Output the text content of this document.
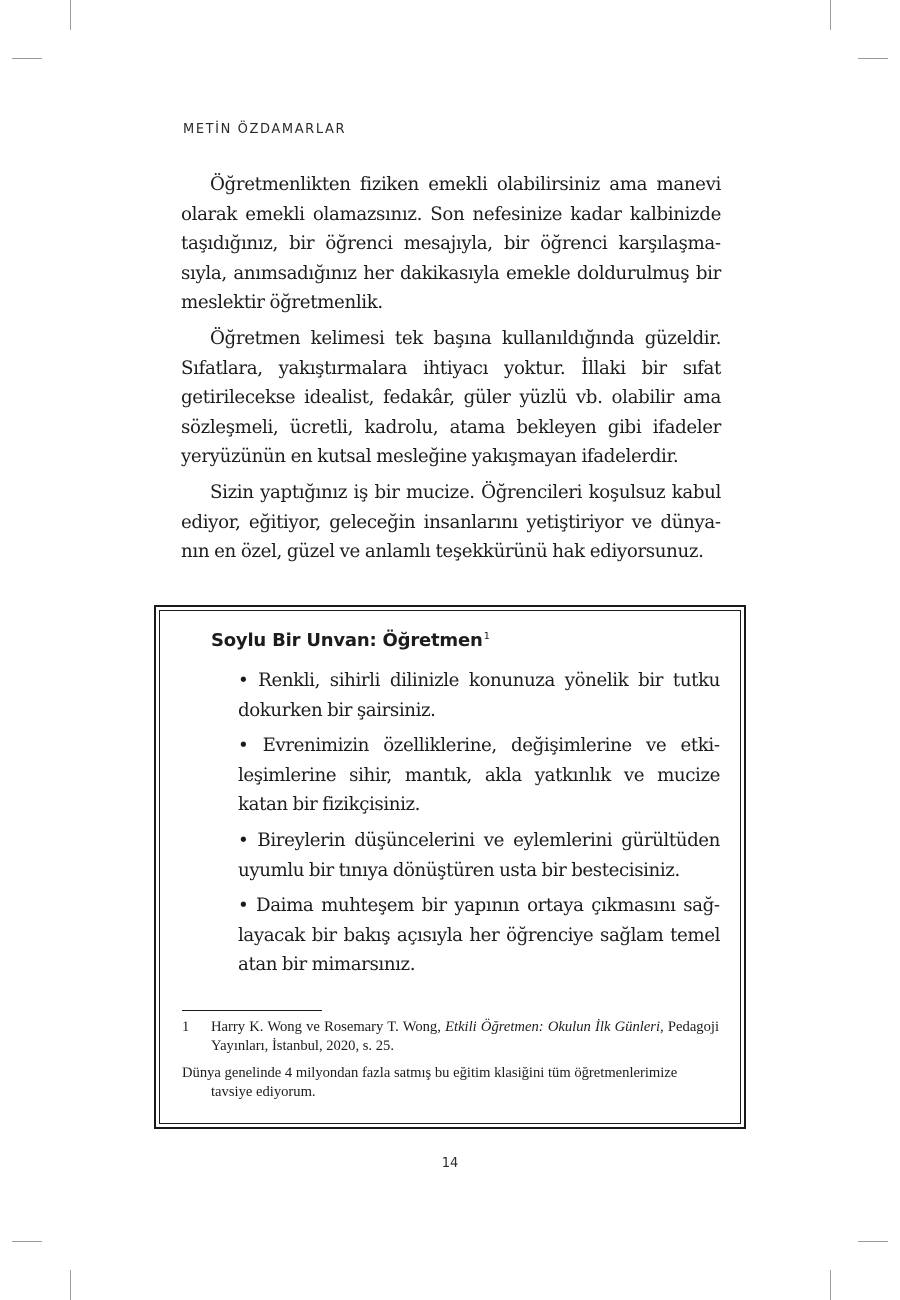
METİN ÖZDAMARLAR

Öğretmenlikten fiziken emekli olabilirsiniz ama manevi olarak emekli olamazsınız. Son nefesinize kadar kalbinizde taşıdığınız, bir öğrenci mesajıyla, bir öğrenci karşılaşmasıyla, anımsadığınız her dakikasıyla emekle doldurulmuş bir meslektir öğretmenlik.

Öğretmen kelimesi tek başına kullanıldığında güzeldir. Sıfatlara, yakıştırmalara ihtiyacı yoktur. İllaki bir sıfat getirilecekse idealist, fedakâr, güler yüzlü vb. olabilir ama sözleşmeli, ücretli, kadrolu, atama bekleyen gibi ifadeler yeryüzünün en kutsal mesleğine yakışmayan ifadelerdir.

Sizin yaptığınız iş bir mucize. Öğrencileri koşulsuz kabul ediyor, eğitiyor, geleceğin insanlarını yetiştiriyor ve dünyanın en özel, güzel ve anlamlı teşekkürünü hak ediyorsunuz.

Soylu Bir Unvan: Öğretmen$^1$

• Renkli, sihirli dilinizle konunuza yönelik bir tutku dokurken bir şairsiniz.

• Evrenimizin özelliklerine, değişimlerine ve etkileşimlerine sihir, mantık, akla yatkınlık ve mucize katan bir fizikçisiniz.

• Bireylerin düşüncelerini ve eylemlerini gürültüden uyumlu bir tınıya dönüştüren usta bir bestecisiniz.

• Daima muhteşem bir yapının ortaya çıkmasını sağlayacak bir bakış açısıyla her öğrenciye sağlam temel atan bir mimarsınız.

1	Harry K. Wong ve Rosemary T. Wong, Etkili Öğretmen: Okulun İlk Günleri, Pedagoji Yayınları, İstanbul, 2020, s. 25.
Dünya genelinde 4 milyondan fazla satmış bu eğitim klasiğini tüm öğretmenlerimize
tavsiye ediyorum.
14
